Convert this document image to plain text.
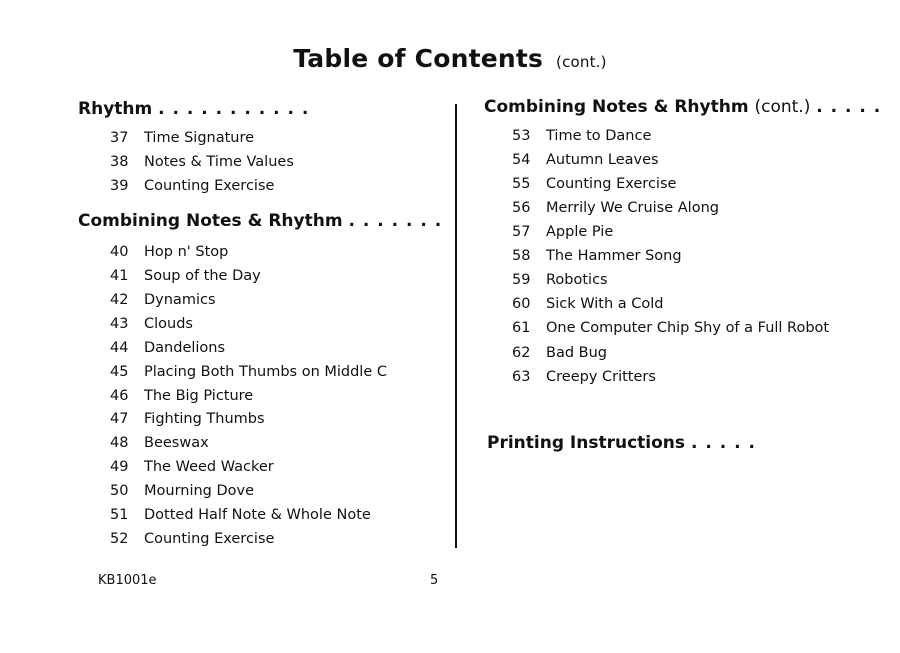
Table of Contents (cont.)
Rhythm . . . . . . . . . . .
37 Time Signature
38 Notes & Time Values
39 Counting Exercise
Combining Notes & Rhythm . . . . . . .
40 Hop n' Stop
41 Soup of the Day
42 Dynamics
43 Clouds
44 Dandelions
45 Placing Both Thumbs on Middle C
46 The Big Picture
47 Fighting Thumbs
48 Beeswax
49 The Weed Wacker
50 Mourning Dove
51 Dotted Half Note & Whole Note
52 Counting Exercise
Combining Notes & Rhythm (cont.) . . . . .
53 Time to Dance
54 Autumn Leaves
55 Counting Exercise
56 Merrily We Cruise Along
57 Apple Pie
58 The Hammer Song
59 Robotics
60 Sick With a Cold
61 One Computer Chip Shy of a Full Robot
62 Bad Bug
63 Creepy Critters
Printing Instructions . . . . .
KB1001e	5
